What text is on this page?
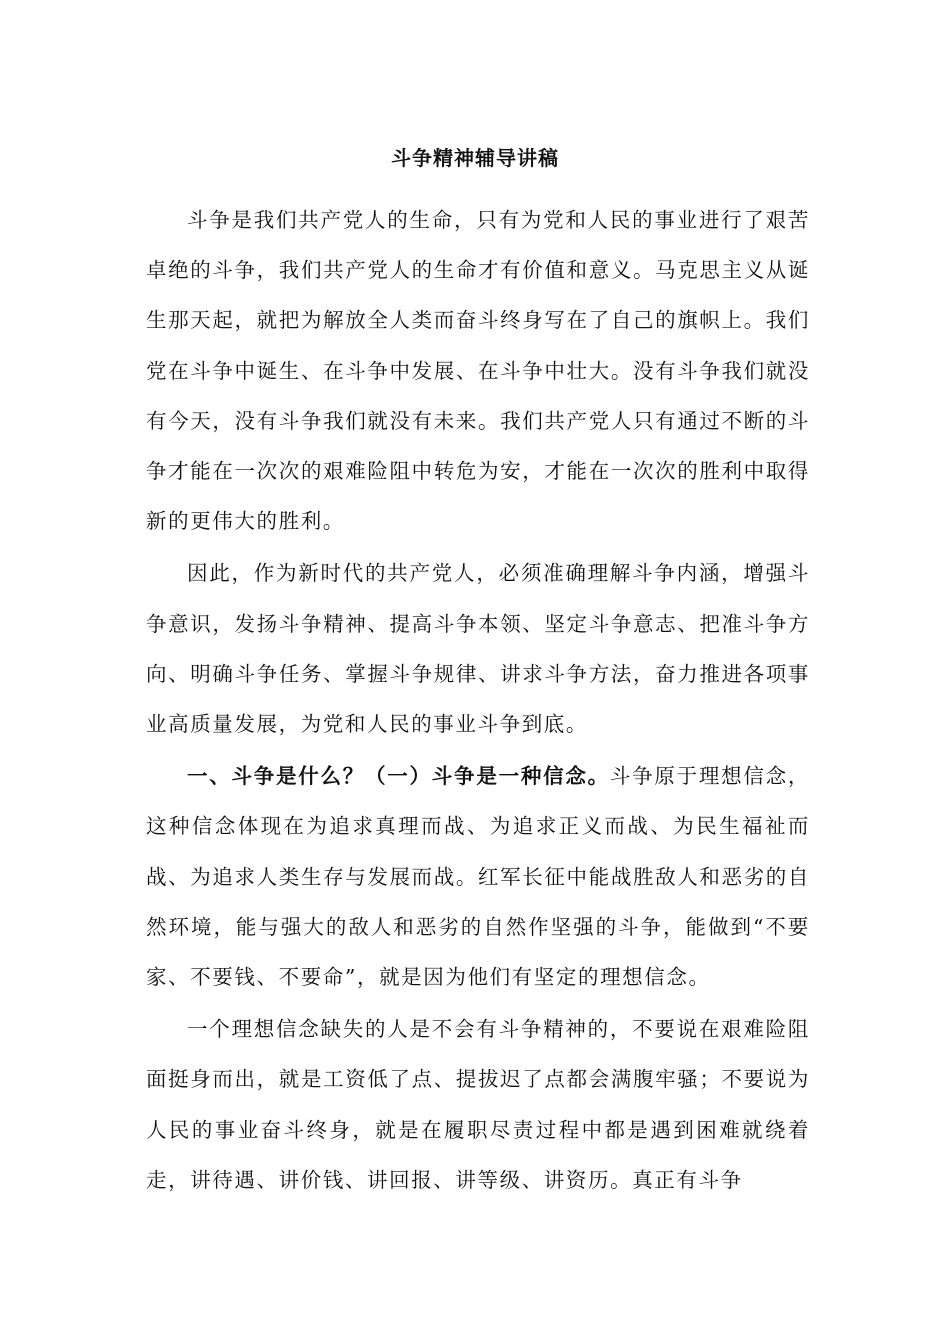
斗争精神辅导讲稿

斗争是我们共产党人的生命，只有为党和人民的事业进行了艰苦卓绝的斗争，我们共产党人的生命才有价值和意义。马克思主义从诞生那天起，就把为解放全人类而奋斗终身写在了自己的旗帜上。我们党在斗争中诞生、在斗争中发展、在斗争中壮大。没有斗争我们就没有今天，没有斗争我们就没有未来。我们共产党人只有通过不断的斗争才能在一次次的艰难险阻中转危为安，才能在一次次的胜利中取得新的更伟大的胜利。

因此，作为新时代的共产党人，必须准确理解斗争内涵，增强斗争意识，发扬斗争精神、提高斗争本领、坚定斗争意志、把准斗争方向、明确斗争任务、掌握斗争规律、讲求斗争方法，奋力推进各项事业高质量发展，为党和人民的事业斗争到底。

一、斗争是什么？（一）斗争是一种信念。斗争原于理想信念，这种信念体现在为追求真理而战、为追求正义而战、为民生福祉而战、为追求人类生存与发展而战。红军长征中能战胜敌人和恶劣的自然环境，能与强大的敌人和恶劣的自然作坚强的斗争，能做到“不要家、不要钱、不要命”，就是因为他们有坚定的理想信念。

一个理想信念缺失的人是不会有斗争精神的，不要说在艰难险阻面挺身而出，就是工资低了点、提拔迟了点都会满腹牢骚；不要说为人民的事业奋斗终身，就是在履职尽责过程中都是遇到困难就绕着走，讲待遇、讲价钱、讲回报、讲等级、讲资历。真正有斗争
